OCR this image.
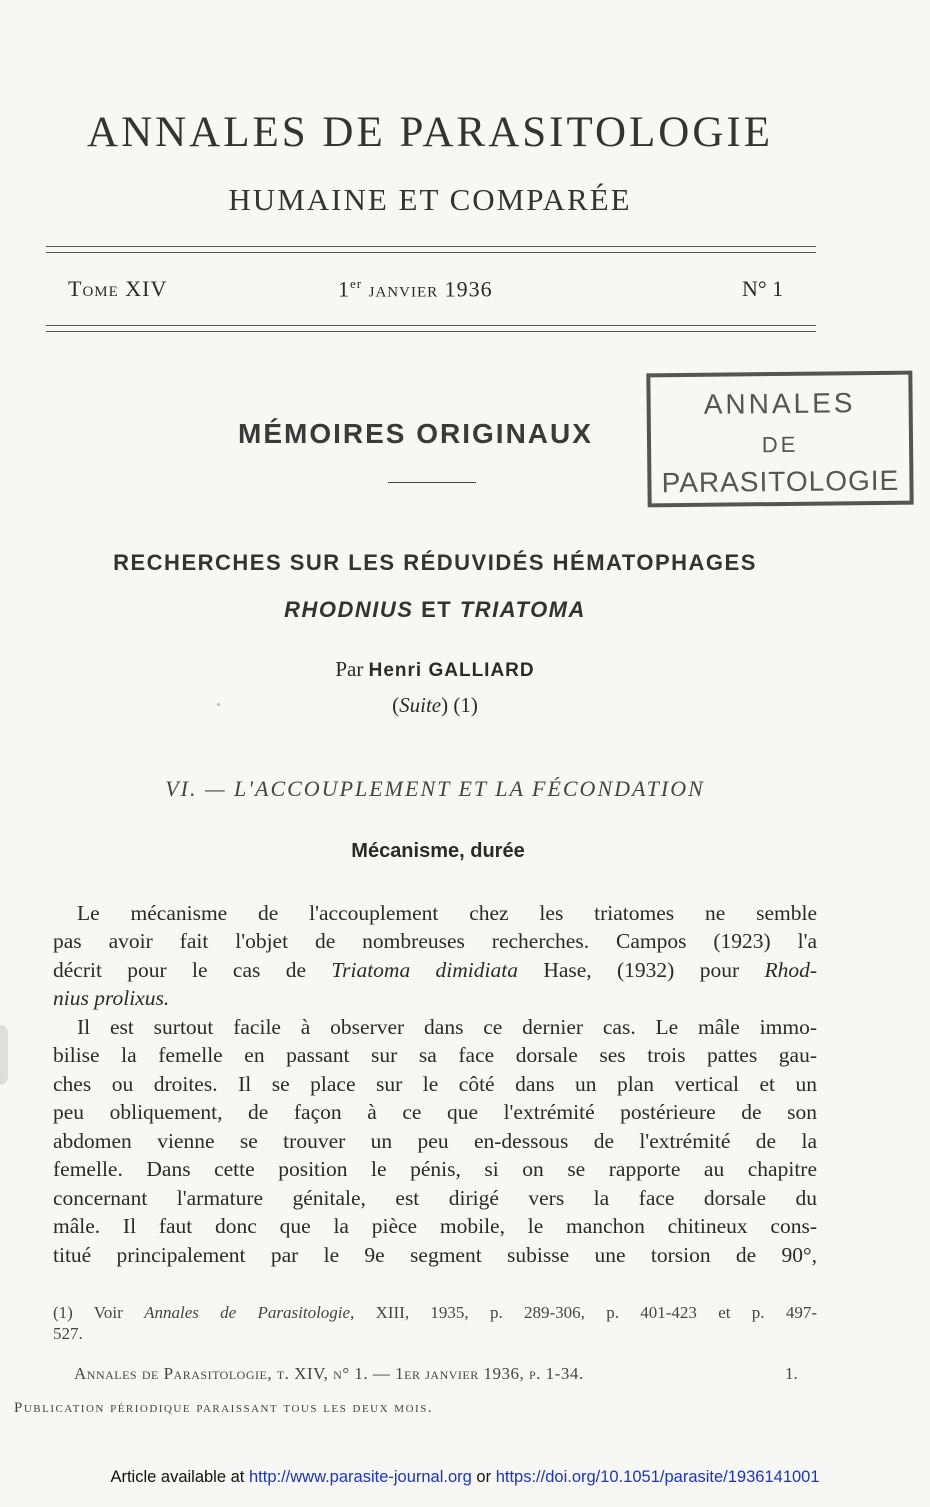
ANNALES DE PARASITOLOGIE
HUMAINE ET COMPARÉE
Tome XIV	1er janvier 1936	N° 1
MÉMOIRES ORIGINAUX
ANNALES
DE
PARASITOLOGIE
RECHERCHES SUR LES RÉDUVIDÉS HÉMATOPHAGES
RHODNIUS ET TRIATOMA
Par Henri GALLIARD
(Suite) (1)
VI. — L'ACCOUPLEMENT ET LA FÉCONDATION
Mécanisme, durée
Le mécanisme de l'accouplement chez les triatomes ne semble
pas avoir fait l'objet de nombreuses recherches. Campos (1923) l'a
décrit pour le cas de Triatoma dimidiata Hase, (1932) pour Rhod-
nius prolixus.
Il est surtout facile à observer dans ce dernier cas. Le mâle immo-
bilise la femelle en passant sur sa face dorsale ses trois pattes gau-
ches ou droites. Il se place sur le côté dans un plan vertical et un
peu obliquement, de façon à ce que l'extrémité postérieure de son
abdomen vienne se trouver un peu en-dessous de l'extrémité de la
femelle. Dans cette position le pénis, si on se rapporte au chapitre
concernant l'armature génitale, est dirigé vers la face dorsale du
mâle. Il faut donc que la pièce mobile, le manchon chitineux cons-
titué principalement par le 9e segment subisse une torsion de 90°,
(1) Voir Annales de Parasitologie, XIII, 1935, p. 289-306, p. 401-423 et p. 497-
527.
Annales de Parasitologie, t. XIV, n° 1. — 1er janvier 1936, p. 1-34.	1.
Publication périodique paraissant tous les deux mois.
Article available at http://www.parasite-journal.org or https://doi.org/10.1051/parasite/1936141001
